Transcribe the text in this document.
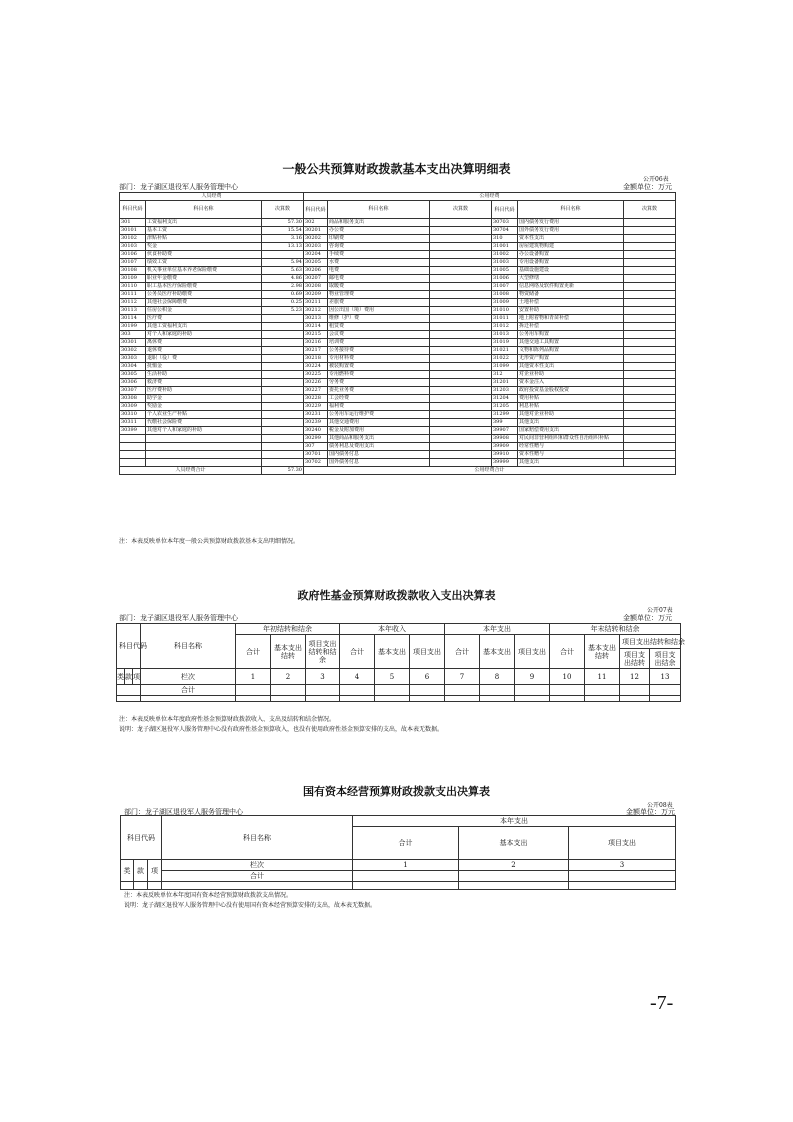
一般公共预算财政拨款基本支出决算明细表
公开06表
部门：龙子湖区退役军人服务管理中心	金额单位：万元
人员经费			公用经费					
科目代码	科目名称	决算数	科目代码	科目名称	决算数	科目代码	科目名称	决算数
301	工资福利支出	57.30	302	商品和服务支出		30703	国内债务发行费用	
30101	基本工资	15.54	30201	办公费		30704	国外债务发行费用	
30102	津贴补贴	3.16	30202	印刷费		310	资本性支出	
30103	奖金	13.13	30203	咨询费		31001	房屋建筑物购建	
30106	伙食补助费		30204	手续费		31002	办公设备购置	
30107	绩效工资	5.94	30205	水费		31003	专用设备购置	
30108	机关事业单位基本养老保险缴费	5.63	30206	电费		31005	基础设施建设	
30109	职业年金缴费	4.86	30207	邮电费		31006	大型修缮	
30110	职工基本医疗保险缴费	2.98	30208	取暖费		31007	信息网络及软件购置更新	
30111	公务员医疗补助缴费	0.69	30209	物业管理费		31008	物资储备	
30112	其他社会保障缴费	0.25	30211	差旅费		31009	土地补偿	
30113	住房公积金	5.23	30212	因公出国（境）费用		31010	安置补助	
30114	医疗费		30213	维修（护）费		31011	地上附着物和青苗补偿	
30199	其他工资福利支出		30214	租赁费		31012	拆迁补偿	
303	对个人和家庭的补助		30215	会议费		31013	公务用车购置	
30301	离休费		30216	培训费		31019	其他交通工具购置	
30302	退休费		30217	公务接待费		31021	文物和陈列品购置	
30303	退职（役）费		30218	专用材料费		31022	无形资产购置	
30304	抚恤金		30224	被装购置费		31099	其他资本性支出	
30305	生活补助		30225	专用燃料费		312	对企业补助	
30306	救济费		30226	劳务费		31201	资本金注入	
30307	医疗费补助		30227	委托业务费		31203	政府投资基金股权投资	
30308	助学金		30228	工会经费		31204	费用补贴	
30309	奖励金		30229	福利费		31205	利息补贴	
30310	个人农业生产补贴		30231	公务用车运行维护费		31299	其他对企业补助	
30311	代缴社会保险费		30239	其他交通费用		399	其他支出	
30399	其他对个人和家庭的补助		30240	税金及附加费用		39907	国家赔偿费用支出	
			30299	其他商品和服务支出		39908	对民间非营利组织和群众性自治组织补贴	
			307	债务利息及费用支出		39909	经常性赠与	
			30701	国内债务付息		39910	资本性赠与	
			30702	国外债务付息		39999	其他支出	
人员经费合计		57.30	公用经费合计					
注：本表反映单位本年度一般公共预算财政拨款基本支出明细情况。
政府性基金预算财政拨款收入支出决算表
公开07表
部门：龙子湖区退役军人服务管理中心	金额单位：万元
科目代码			科目名称	年初结转和结余			本年收入			本年支出			年末结转和结余			
				合计	基本支出结转	项目支出结转和结余	合计	基本支出	项目支出	合计	基本支出	项目支出	合计	基本支出结转	项目支出结转和结余	
															项目支出结转	项目支出结余
类	款	项	栏次	1	2	3	4	5	6	7	8	9	10	11	12	13
			合计													

注：本表反映单位本年度政府性基金预算财政拨款收入、支出及结转和结余情况。
说明：龙子湖区退役军人服务管理中心没有政府性基金预算收入，也没有使用政府性基金预算安排的支出，故本表无数据。
国有资本经营预算财政拨款支出决算表
公开08表
部门：龙子湖区退役军人服务管理中心	金额单位：万元
科目代码			科目名称	本年支出		
				合计	基本支出	项目支出
类	款	项	栏次	1	2	3
			合计			

注：本表反映单位本年度国有资本经营预算财政拨款支出情况。
说明：龙子湖区退役军人服务管理中心没有使用国有资本经营预算安排的支出，故本表无数据。
-7-
